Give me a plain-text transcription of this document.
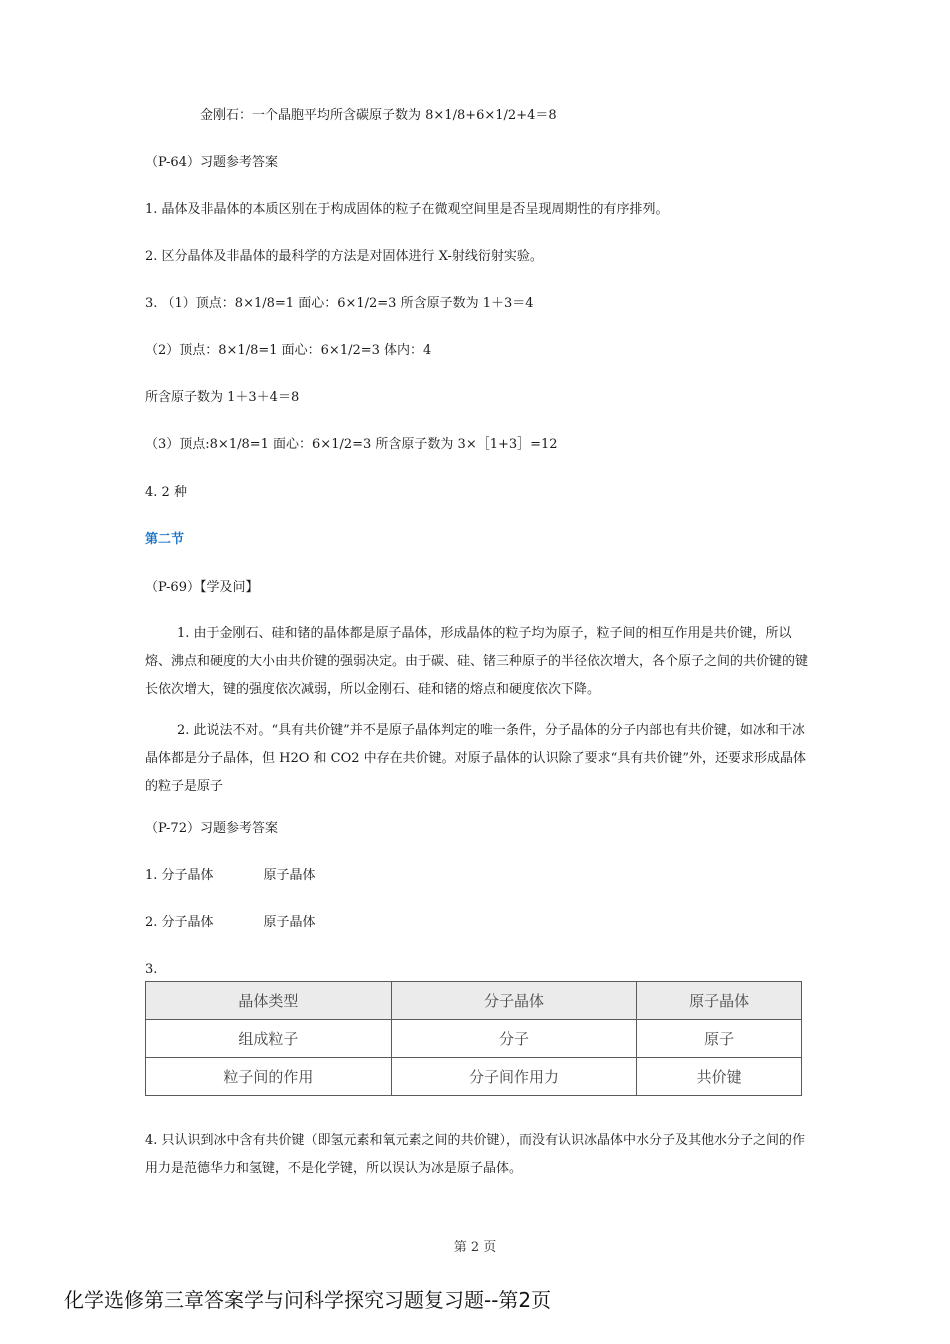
金刚石：一个晶胞平均所含碳原子数为 8×1/8+6×1/2+4＝8
（P-64）习题参考答案
1. 晶体及非晶体的本质区别在于构成固体的粒子在微观空间里是否呈现周期性的有序排列。
2. 区分晶体及非晶体的最科学的方法是对固体进行 X-射线衍射实验。
3. （1）顶点：8×1/8=1 面心：6×1/2=3 所含原子数为 1＋3＝4
（2）顶点：8×1/8=1 面心：6×1/2=3 体内：4
所含原子数为 1＋3＋4＝8
（3）顶点:8×1/8=1 面心：6×1/2=3 所含原子数为 3×［1+3］=12
4. 2 种
第二节
（P-69）【学及问】
1. 由于金刚石、硅和锗的晶体都是原子晶体，形成晶体的粒子均为原子，粒子间的相互作用是共价键，所以熔、沸点和硬度的大小由共价键的强弱决定。由于碳、硅、锗三种原子的半径依次增大，各个原子之间的共价键的键长依次增大，键的强度依次减弱，所以金刚石、硅和锗的熔点和硬度依次下降。
2. 此说法不对。“具有共价键”并不是原子晶体判定的唯一条件，分子晶体的分子内部也有共价键，如冰和干冰晶体都是分子晶体，但 H2O 和 CO2 中存在共价键。对原子晶体的认识除了要求“具有共价键”外，还要求形成晶体的粒子是原子
（P-72）习题参考答案
1. 分子晶体	原子晶体
2. 分子晶体	原子晶体
3.
晶体类型	分子晶体	原子晶体
组成粒子	分子	原子
粒子间的作用	分子间作用力	共价键
4. 只认识到冰中含有共价键（即氢元素和氧元素之间的共价键），而没有认识冰晶体中水分子及其他水分子之间的作用力是范德华力和氢键，不是化学键，所以误认为冰是原子晶体。
第 2 页
化学选修第三章答案学与问科学探究习题复习题--第2页
